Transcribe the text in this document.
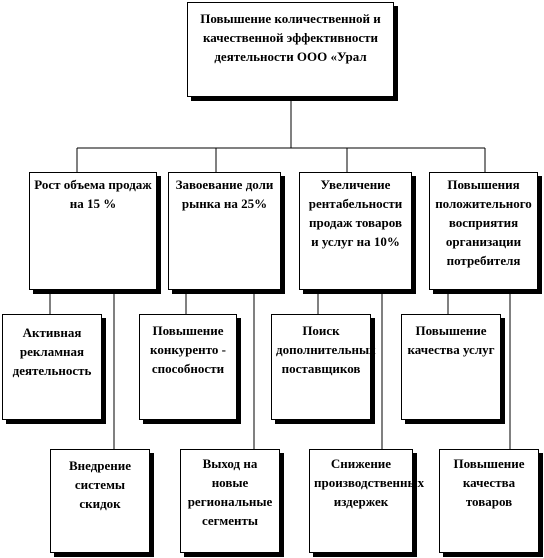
Повышение количественной и качественной эффективности деятельности ООО «Урал
Рост объема продаж на 15 %
Завоевание доли рынка на 25%
Увеличение рентабельности продаж товаров и услуг на 10%
Повышения положительного восприятия организации потребителя
Активная рекламная деятельность
Повышение конкуренто - способности
Поиск дополнительных поставщиков
Повышение качества услуг
Внедрение системы скидок
Выход на новые региональные сегменты
Снижение производственных издержек
Повышение качества товаров
